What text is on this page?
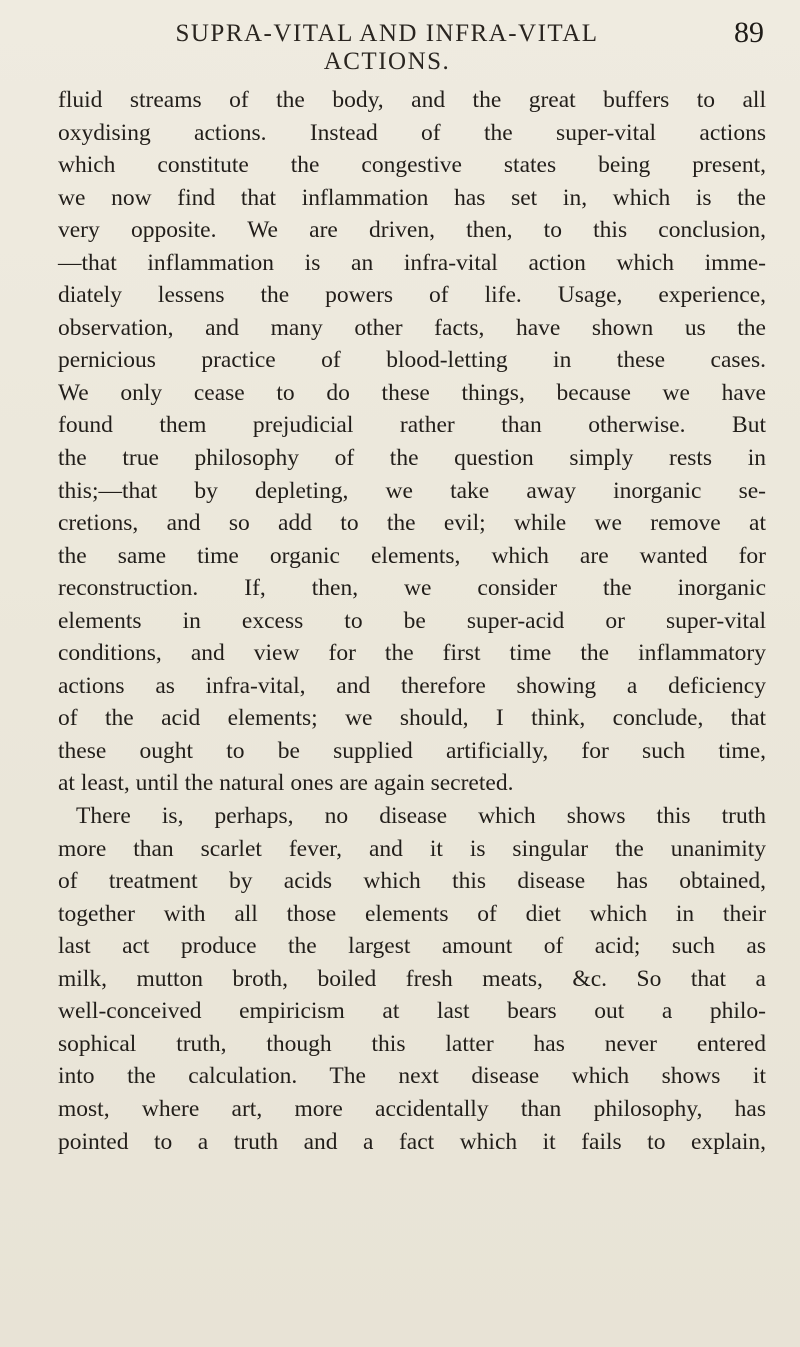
SUPRA-VITAL AND INFRA-VITAL ACTIONS.
89
fluid streams of the body, and the great buffers to all
oxydising actions. Instead of the super-vital actions
which constitute the congestive states being present,
we now find that inflammation has set in, which is the
very opposite. We are driven, then, to this conclusion,
—that inflammation is an infra-vital action which imme-
diately lessens the powers of life. Usage, experience,
observation, and many other facts, have shown us the
pernicious practice of blood-letting in these cases.
We only cease to do these things, because we have
found them prejudicial rather than otherwise. But
the true philosophy of the question simply rests in
this;—that by depleting, we take away inorganic se-
cretions, and so add to the evil; while we remove at
the same time organic elements, which are wanted for
reconstruction. If, then, we consider the inorganic
elements in excess to be super-acid or super-vital
conditions, and view for the first time the inflammatory
actions as infra-vital, and therefore showing a deficiency
of the acid elements; we should, I think, conclude, that
these ought to be supplied artificially, for such time,
at least, until the natural ones are again secreted.
There is, perhaps, no disease which shows this truth
more than scarlet fever, and it is singular the unanimity
of treatment by acids which this disease has obtained,
together with all those elements of diet which in their
last act produce the largest amount of acid; such as
milk, mutton broth, boiled fresh meats, &c. So that a
well-conceived empiricism at last bears out a philo-
sophical truth, though this latter has never entered
into the calculation. The next disease which shows it
most, where art, more accidentally than philosophy, has
pointed to a truth and a fact which it fails to explain,
